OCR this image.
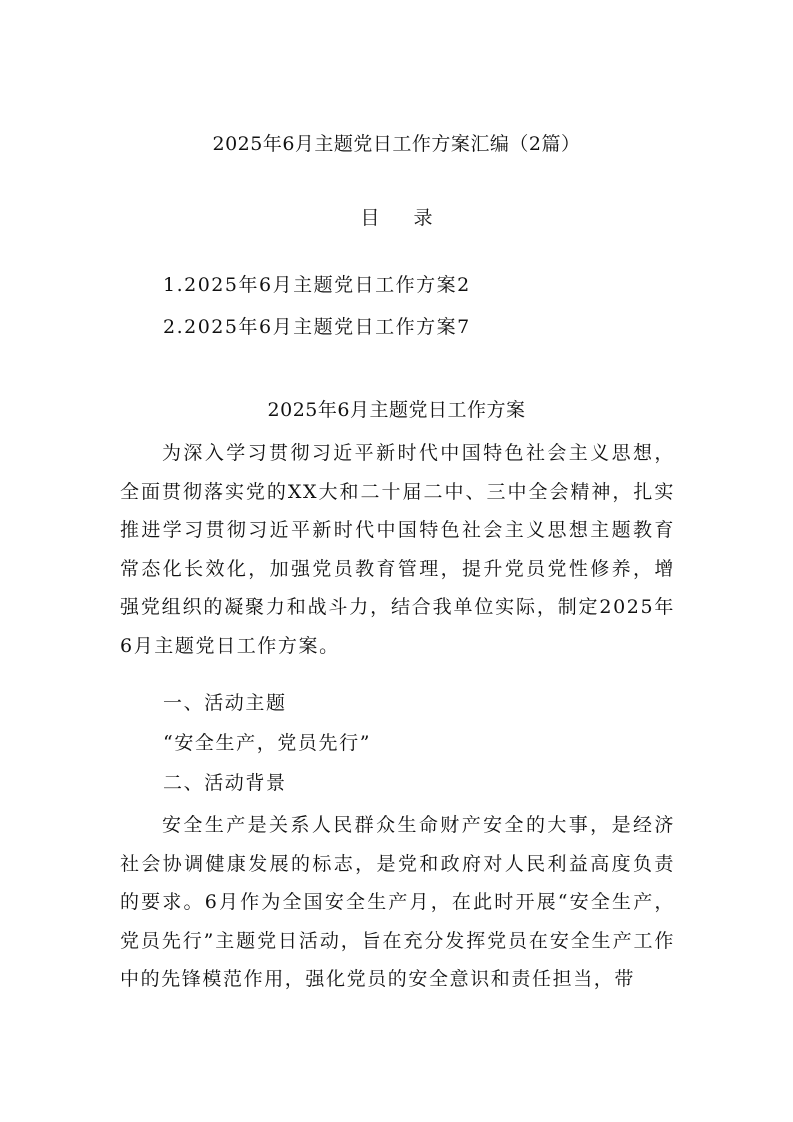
2025年6月主题党日工作方案汇编（2篇）
目 录
1.2025年6月主题党日工作方案2
2.2025年6月主题党日工作方案7
2025年6月主题党日工作方案

为深入学习贯彻习近平新时代中国特色社会主义思想，全面贯彻落实党的XX大和二十届二中、三中全会精神，扎实推进学习贯彻习近平新时代中国特色社会主义思想主题教育常态化长效化，加强党员教育管理，提升党员党性修养，增强党组织的凝聚力和战斗力，结合我单位实际，制定2025年6月主题党日工作方案。

一、活动主题
“安全生产，党员先行”
二、活动背景

安全生产是关系人民群众生命财产安全的大事，是经济社会协调健康发展的标志，是党和政府对人民利益高度负责的要求。6月作为全国安全生产月，在此时开展“安全生产，党员先行”主题党日活动，旨在充分发挥党员在安全生产工作中的先锋模范作用，强化党员的安全意识和责任担当，带
